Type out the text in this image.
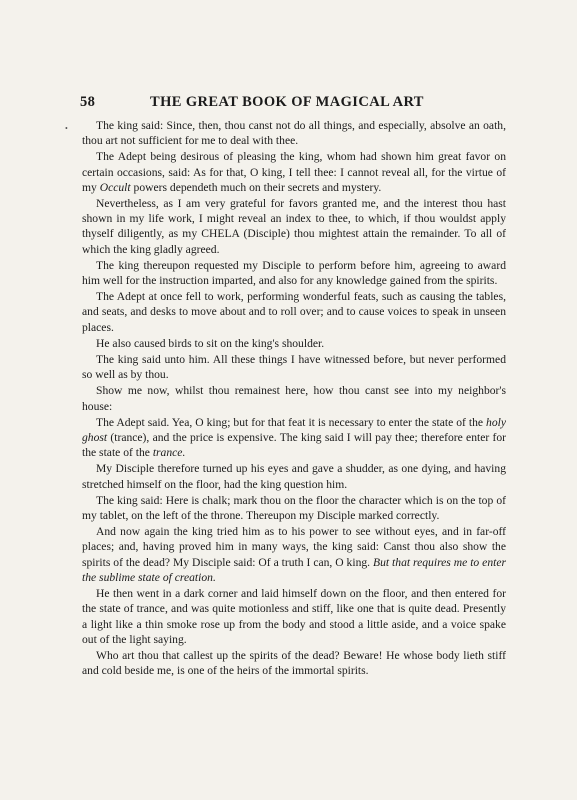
58	THE GREAT BOOK OF MAGICAL ART
•	The king said: Since, then, thou canst not do all things, and especially, absolve an oath, thou art not sufficient for me to deal with thee.

The Adept being desirous of pleasing the king, whom had shown him great favor on certain occasions, said: As for that, O king, I tell thee: I cannot reveal all, for the virtue of my Occult powers dependeth much on their secrets and mystery.

Nevertheless, as I am very grateful for favors granted me, and the interest thou hast shown in my life work, I might reveal an index to thee, to which, if thou wouldst apply thyself diligently, as my CHELA (Disciple) thou mightest attain the remainder. To all of which the king gladly agreed.

The king thereupon requested my Disciple to perform before him, agreeing to award him well for the instruction imparted, and also for any knowledge gained from the spirits.

The Adept at once fell to work, performing wonderful feats, such as causing the tables, and seats, and desks to move about and to roll over; and to cause voices to speak in unseen places.

He also caused birds to sit on the king's shoulder.

The king said unto him. All these things I have witnessed before, but never performed so well as by thou.

Show me now, whilst thou remainest here, how thou canst see into my neighbor's house:

The Adept said. Yea, O king; but for that feat it is necessary to enter the state of the holy ghost (trance), and the price is expensive. The king said I will pay thee; therefore enter for the state of the trance.

My Disciple therefore turned up his eyes and gave a shudder, as one dying, and having stretched himself on the floor, had the king question him.

The king said: Here is chalk; mark thou on the floor the character which is on the top of my tablet, on the left of the throne. Thereupon my Disciple marked correctly.

And now again the king tried him as to his power to see without eyes, and in far-off places; and, having proved him in many ways, the king said: Canst thou also show the spirits of the dead? My Disciple said: Of a truth I can, O king. But that requires me to enter the sublime state of creation.

He then went in a dark corner and laid himself down on the floor, and then entered for the state of trance, and was quite motionless and stiff, like one that is quite dead. Presently a light like a thin smoke rose up from the body and stood a little aside, and a voice spake out of the light saying.

Who art thou that callest up the spirits of the dead? Beware! He whose body lieth stiff and cold beside me, is one of the heirs of the immortal spirits.
